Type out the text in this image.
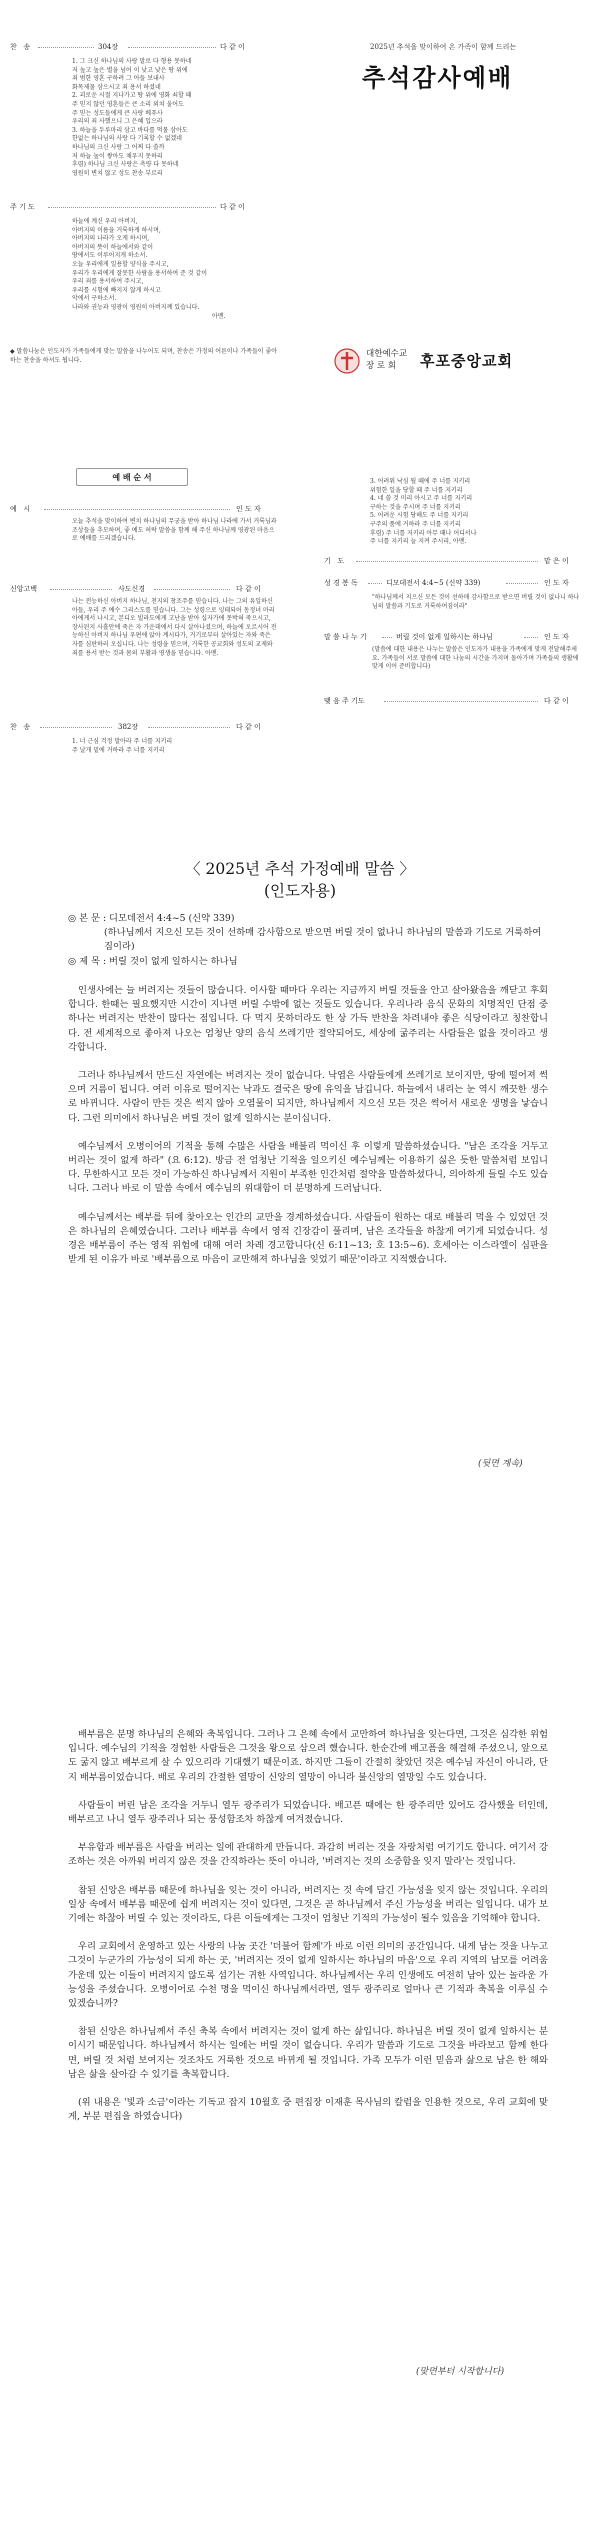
찬   송	304장	다 같 이
1. 그 크신 하나님의 사랑 말로 다 형용 못하네
저 높고 높은 별을 넘어 이 낮고 낮은 땅 위에
죄 범한 영혼 구하려 그 아들 보내사
화목제물 삼으시고 죄 용서 하셨네
2. 괴로운 시절 지나가고 땅 위에 영화 쇠할 때
주 믿지 않던 영혼들은 큰 소리 외쳐 울어도
주 믿는 성도들에게 큰 사랑 베푸사
우리의 죄 사했으니 그 은혜 입으라
3. 하늘을 두루마리 삼고 바다를 먹물 삼아도
한없는 하나님의 사랑 다 기록할 수 없겠네
하나님의 크신 사랑 그 어찌 다 쓸까
저 하늘 높이 쌓아도 채우지 못하리
후렴) 하나님 크신 사랑은 측량 다 못하네
영원히 변치 않고 성도 찬송 부르리
주 기 도	다 같 이
하늘에 계신 우리 아버지,
아버지의 이름을 거룩하게 하시며,
아버지의 나라가 오게 하시며,
아버지의 뜻이 하늘에서와 같이
땅에서도 이루어지게 하소서.
오늘 우리에게 일용할 양식을 주시고,
우리가 우리에게 잘못한 사람을 용서하여 준 것 같이
우리 죄를 용서하여 주시고,
우리를 시험에 빠지지 않게 하시고
악에서 구하소서.
나라와 권능과 영광이 영원히 아버지께 있습니다.
아멘.
◆ 말씀나눔은 인도자가 가족들에게 맞는 말씀을 나누어도 되며, 찬송은 가정의 어른이나 가족들이 좋아하는 찬송을 하셔도 됩니다.
2025년 추석을 맞이하여 온 가족이 함께 드리는
추석감사예배
대한예수교
장 로 회	후포중앙교회
예 배 순 서
예   시	인 도 자
오늘 추석을 맞이하여 변치 하나님의 무궁을 받아 하나님 나라에 가서 거룩님과 조상들을 추모하며, 좋 예도 허락 말씀을 함께 해 주신 하나님께 영광된 마음으로 예배를 드리겠습니다.
신앙고백	사도신경	다 같 이
나는 전능하신 아버지 하나님, 천지의 창조주를 믿습니다. 나는 그의 유일하신 아들, 우리 주 예수 그리스도를 믿습니다. 그는 성령으로 잉태되어 동정녀 마리아에게서 나시고, 본디오 빌라도에게 고난을 받아 십자가에 못박혀 죽으시고, 장사된지 사흘만에 죽은 자 가운데에서 다시 살아나셨으며, 하늘에 오르시어 전능하신 아버지 하나님 우편에 앉아 계시다가, 거기로부터 살아있는 자와 죽은 자를 심판하러 오십니다. 나는 성령을 믿으며, 거룩한 공교회와 성도의 교제와 죄를 용서 받는 것과 몸의 부활과 영생을 믿습니다. 아멘.
찬   송	382장	다 같 이
1. 너 근심 걱정 말아라 주 너를 지키리
주 날개 밑에 거하라 주 너를 지키리
3. 어려워 낙심 될 때에 주 너를 지키리
위험한 일을 당할 때 주 너를 지키리
4. 네 쓸 것 미리 아시고 주 너를 지키리
구하는 것을 주시며 주 너를 지키리
5. 어려운 시험 당해도 주 너를 지키리
구주의 품에 거하라 주 너를 지키리
후렴) 주 너를 지키리 아무 때나 어디서나
주 너를 지키리 늘 지켜 주시리, 아멘.
기   도	맡 은 이
성 경 봉 독	디모데전서 4:4~5 (신약 339)	인 도 자
"하나님께서 지으신 모든 것이 선하매 감사함으로 받으면 버릴 것이 없나니 하나님의 말씀과 기도로 거룩하여짐이라"
말 씀 나 누 기	버릴 것이 없게 일하시는 하나님	인 도 자
(말씀에 대한 내용은 나누는 말씀은 인도자가 내용을 가족에게 맞게 전달해주세요. 가족들이 서로 말씀에 대한 나눔의 시간을 가지며 돌아가며 가족들의 생활에 맞게 이어 준비합니다)
맺 음 주 기도	다 같 이
〈 2025년 추석 가정예배 말씀 〉
(인도자용)
◎ 본 문 : 디모데전서 4:4~5 (신약 339)
(하나님께서 지으신 모든 것이 선하매 감사함으로 받으면 버릴 것이 없나니 하나님의 말씀과 기도로 거룩하여짐이라)
◎ 제 목 : 버릴 것이 없게 일하시는 하나님

인생사에는 늘 버려지는 것들이 많습니다. 이사할 때마다 우리는 지금까지 버릴 것들을 안고 살아왔음을 깨닫고 후회합니다. 한때는 필요했지만 시간이 지나면 버릴 수밖에 없는 것들도 있습니다. 우리나라 음식 문화의 치명적인 단점 중 하나는 버려지는 반찬이 많다는 점입니다. 다 먹지 못하더라도 한 상 가득 반찬을 차려내야 좋은 식당이라고 칭찬합니다. 전 세계적으로 좋아져 나오는 엄청난 양의 음식 쓰레기만 절약되어도, 세상에 굶주리는 사람들은 없을 것이라고 생각합니다.

그러나 하나님께서 만드신 자연에는 버려지는 것이 없습니다. 낙엽은 사람들에게 쓰레기로 보이지만, 땅에 떨어져 썩으며 거름이 됩니다. 여러 이유로 떨어지는 낙과도 결국은 땅에 유익을 남깁니다. 하늘에서 내리는 눈 역시 깨끗한 생수로 바뀌니다. 사람이 만든 것은 썩지 않아 오염물이 되지만, 하나님께서 지으신 모든 것은 썩어서 새로운 생명을 낳습니다. 그런 의미에서 하나님은 버릴 것이 없게 일하시는 분이십니다.

예수님께서 오병이어의 기적을 통해 수많은 사람을 배불리 먹이신 후 이렇게 말씀하셨습니다. "남은 조각을 거두고 버리는 것이 없게 하라" (요 6:12). 방금 전 엄청난 기적을 일으키신 예수님께는 이용하기 싫은 듯한 말씀처럼 보입니다. 무한하시고 모든 것이 가능하신 하나님께서 지원이 부족한 인간처럼 절약을 말씀하셨다니, 의아하게 들릴 수도 있습니다. 그러나 바로 이 말씀 속에서 예수님의 위대함이 더 분명하게 드러납니다.

예수님께서는 배부를 뒤에 찾아오는 인간의 교만을 경계하셨습니다. 사람들이 원하는 대로 배불리 먹을 수 있었던 것은 하나님의 은혜였습니다. 그러나 배부름 속에서 영적 긴장감이 풀리며, 남은 조각들을 하찮게 여기게 되었습니다. 성경은 배부름이 주는 영적 위험에 대해 여러 차례 경고합니다(신 6:11~13; 호 13:5~6). 호세아는 이스라엘이 심판을 받게 된 이유가 바로 '배부름으로 마음이 교만해져 하나님을 잊었기 때문'이라고 지적했습니다.

(뒷면 계속)

배부름은 분명 하나님의 은혜와 축복입니다. 그러나 그 은혜 속에서 교만하여 하나님을 잊는다면, 그것은 심각한 위험입니다. 예수님의 기적을 경험한 사람들은 그것을 왕으로 삼으려 했습니다. 한순간에 배고픔을 해결해 주셨으니, 앞으로도 굶지 않고 배부르게 살 수 있으리라 기대했기 때문이죠. 하지만 그들이 간절히 찾았던 것은 예수님 자신이 아니라, 단지 배부름이었습니다. 배로 우리의 간절한 열망이 신앙의 열망이 아니라 불신앙의 열망일 수도 있습니다.

사람들이 버린 남은 조각을 거두니 열두 광주리가 되었습니다. 배고픈 때에는 한 광주리만 있어도 감사했을 터인데, 배부르고 나니 열두 광주리나 되는 풍성함조차 하찮게 여겨졌습니다.

부유함과 배부름은 사람을 버리는 일에 관대하게 만듭니다. 과감히 버리는 것을 자랑처럼 여기기도 합니다. 여기서 강조하는 것은 아까워 버리지 않은 것을 간직하라는 뜻이 아니라, '버려지는 것의 소중함을 잊지 말라'는 것입니다.

참된 신앙은 배부름 때문에 하나님을 잊는 것이 아니라, 버려지는 것 속에 담긴 가능성을 잊지 않는 것입니다. 우리의 일상 속에서 배부름 때문에 쉽게 버려지는 것이 있다면, 그것은 곧 하나님께서 주신 가능성을 버리는 일입니다. 내가 보기에는 하찮아 버릴 수 있는 것이라도, 다른 이들에게는 그것이 엄청난 기적의 가능성이 될수 있음을 기억해야 합니다.

우리 교회에서 운영하고 있는 사랑의 나눔 곳간 '더불어 함께'가 바로 이런 의미의 공간입니다. 내게 남는 것을 나누고 그것이 누군가의 가능성이 되게 하는 곳, '버려지는 것이 없게 일하시는 하나님의 마음'으로 우리 지역의 남모를 어려움 가운데 있는 이들이 버려지지 않도록 섬기는 귀한 사역입니다. 하나님께서는 우리 인생에도 여전히 남아 있는 놀라운 가능성을 주셨습니다. 오병이어로 수천 명을 먹이신 하나님께서라면, 열두 광주리로 얼마나 큰 기적과 축복을 이루실 수 있겠습니까?

참된 신앙은 하나님께서 주신 축복 속에서 버려지는 것이 없게 하는 삶입니다. 하나님은 버릴 것이 없게 일하시는 분이시기 때문입니다. 하나님께서 하시는 일에는 버릴 것이 없습니다. 우리가 말씀과 기도로 그것을 바라보고 함께 한다면, 버릴 것 처럼 보여지는 것조차도 거룩한 것으로 바뀌게 될 것입니다. 가족 모두가 이런 믿음과 삶으로 남은 한 해와 남은 삶을 살아갈 수 있기를 축복합니다.

(위 내용은 '빛과 소금'이라는 기독교 잡지 10월호 중 편집장 이재훈 목사님의 칼럼을 인용한 것으로, 우리 교회에 맞게, 부분 편집을 하였습니다)

(맞면부터 시작합니다)
